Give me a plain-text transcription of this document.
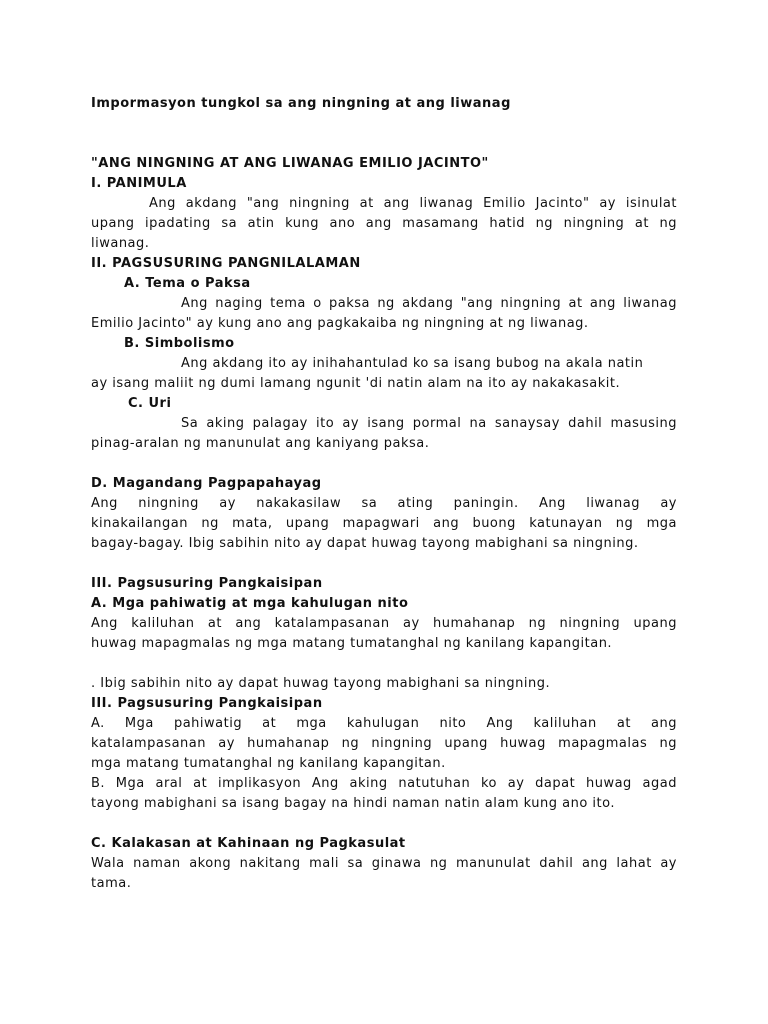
Impormasyon tungkol sa ang ningning at ang liwanag
"ANG NINGNING AT ANG LIWANAG EMILIO JACINTO"
I. PANIMULA
Ang akdang "ang ningning at ang liwanag Emilio Jacinto" ay isinulat
upang ipadating sa atin kung ano ang masamang hatid ng ningning at ng
liwanag.
II. PAGSUSURING PANGNILALAMAN
A. Tema o Paksa
Ang naging tema o paksa ng akdang "ang ningning at ang liwanag
Emilio Jacinto" ay kung ano ang pagkakaiba ng ningning at ng liwanag.
B. Simbolismo
Ang akdang ito ay inihahantulad ko sa isang bubog na akala natin
ay isang maliit ng dumi lamang ngunit 'di natin alam na ito ay nakakasakit.
C. Uri
Sa aking palagay ito ay isang pormal na sanaysay dahil masusing
pinag-aralan ng manunulat ang kaniyang paksa.
D. Magandang Pagpapahayag
Ang ningning ay nakakasilaw sa ating paningin. Ang liwanag ay
kinakailangan ng mata, upang mapagwari ang buong katunayan ng mga
bagay-bagay. Ibig sabihin nito ay dapat huwag tayong mabighani sa ningning.
III. Pagsusuring Pangkaisipan
A. Mga pahiwatig at mga kahulugan nito
Ang kaliluhan at ang katalampasanan ay humahanap ng ningning upang
huwag mapagmalas ng mga matang tumatanghal ng kanilang kapangitan.
. Ibig sabihin nito ay dapat huwag tayong mabighani sa ningning.
III. Pagsusuring Pangkaisipan
A. Mga pahiwatig at mga kahulugan nito Ang kaliluhan at ang
katalampasanan ay humahanap ng ningning upang huwag mapagmalas ng
mga matang tumatanghal ng kanilang kapangitan.
B. Mga aral at implikasyon Ang aking natutuhan ko ay dapat huwag agad
tayong mabighani sa isang bagay na hindi naman natin alam kung ano ito.
C. Kalakasan at Kahinaan ng Pagkasulat
Wala naman akong nakitang mali sa ginawa ng manunulat dahil ang lahat ay
tama.
